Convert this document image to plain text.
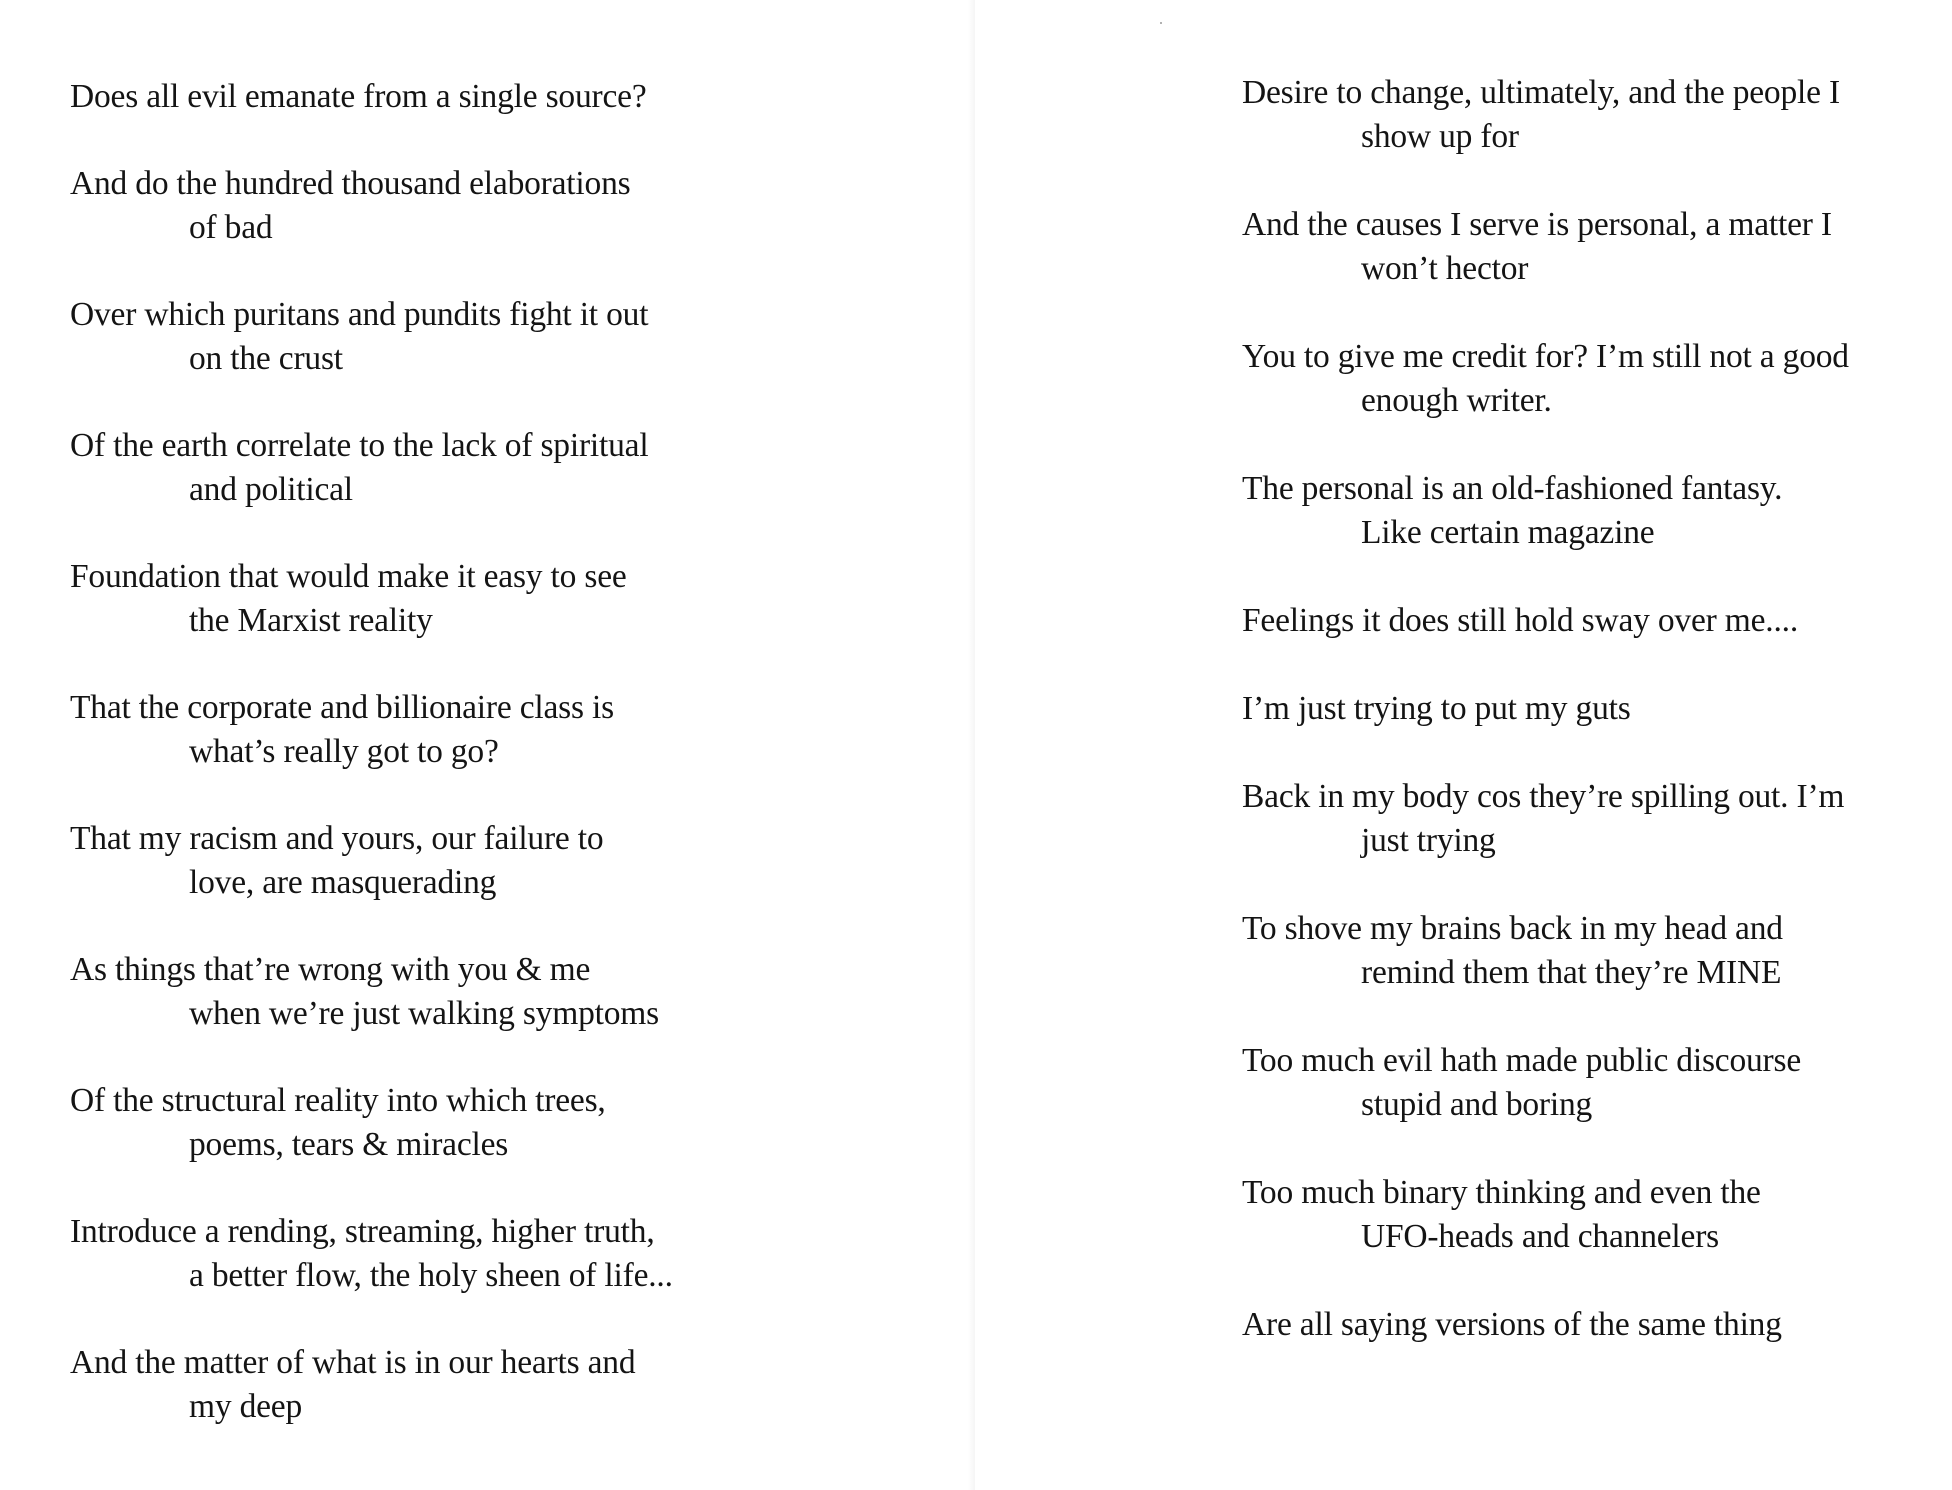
Does all evil emanate from a single source?

And do the hundred thousand elaborations
of bad

Over which puritans and pundits fight it out
on the crust

Of the earth correlate to the lack of spiritual
and political

Foundation that would make it easy to see
the Marxist reality

That the corporate and billionaire class is
what’s really got to go?

That my racism and yours, our failure to
love, are masquerading

As things that’re wrong with you & me
when we’re just walking symptoms

Of the structural reality into which trees,
poems, tears & miracles

Introduce a rending, streaming, higher truth,
a better flow, the holy sheen of life...

And the matter of what is in our hearts and
my deep

Desire to change, ultimately, and the people I
show up for

And the causes I serve is personal, a matter I
won’t hector

You to give me credit for? I’m still not a good
enough writer.

The personal is an old-fashioned fantasy.
Like certain magazine

Feelings it does still hold sway over me....

I’m just trying to put my guts

Back in my body cos they’re spilling out. I’m
just trying

To shove my brains back in my head and
remind them that they’re MINE

Too much evil hath made public discourse
stupid and boring

Too much binary thinking and even the
UFO-heads and channelers

Are all saying versions of the same thing
